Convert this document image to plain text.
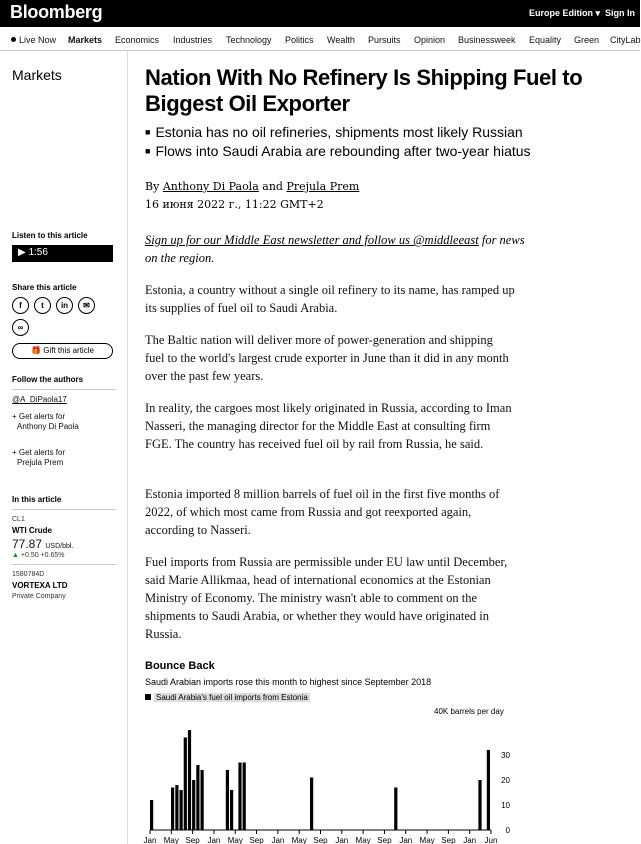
Bloomberg	Europe Edition ▾ Sign In
Live Now Markets Economics Industries Technology Politics Wealth Pursuits Opinion Businessweek Equality Green CityLab
Markets
Listen to this article
▶ 1:56
Share this article
f	t	in	✉
∞
🎁 Gift this article
Follow the authors
@A_DiPaola17
+ Get alerts for
Anthony Di Paola
+ Get alerts for
Prejula Prem
In this article
CL1
WTI Crude
77.87 USD/bbl.
▲ +0.50 +0.65%
1580784D
VORTEXA LTD
Private Company
Nation With No Refinery Is Shipping Fuel to Biggest Oil Exporter
■ Estonia has no oil refineries, shipments most likely Russian
■ Flows into Saudi Arabia are rebounding after two-year hiatus
By Anthony Di Paola and Prejula Prem
16 июня 2022 г., 11:22 GMT+2
Sign up for our Middle East newsletter and follow us @middleeast for news on the region.

Estonia, a country without a single oil refinery to its name, has ramped up its supplies of fuel oil to Saudi Arabia.

The Baltic nation will deliver more of power-generation and shipping fuel to the world's largest crude exporter in June than it did in any month over the past few years.

In reality, the cargoes most likely originated in Russia, according to Iman Nasseri, the managing director for the Middle East at consulting firm FGE. The country has received fuel oil by rail from Russia, he said.

Estonia imported 8 million barrels of fuel oil in the first five months of 2022, of which most came from Russia and got reexported again, according to Nasseri.

Fuel imports from Russia are permissible under EU law until December, said Marie Allikmaa, head of international economics at the Estonian Ministry of Economy. The ministry wasn't able to comment on the shipments to Saudi Arabia, or whether they would have originated in Russia.

Bounce Back
Saudi Arabian imports rose this month to highest since September 2018
Saudi Arabia's fuel oil imports from Estonia
40K barrels per day
30
20
10
0
Jan May Sep Jan May Sep Jan May Sep Jan May Sep Jan May Sep Jan Jun
